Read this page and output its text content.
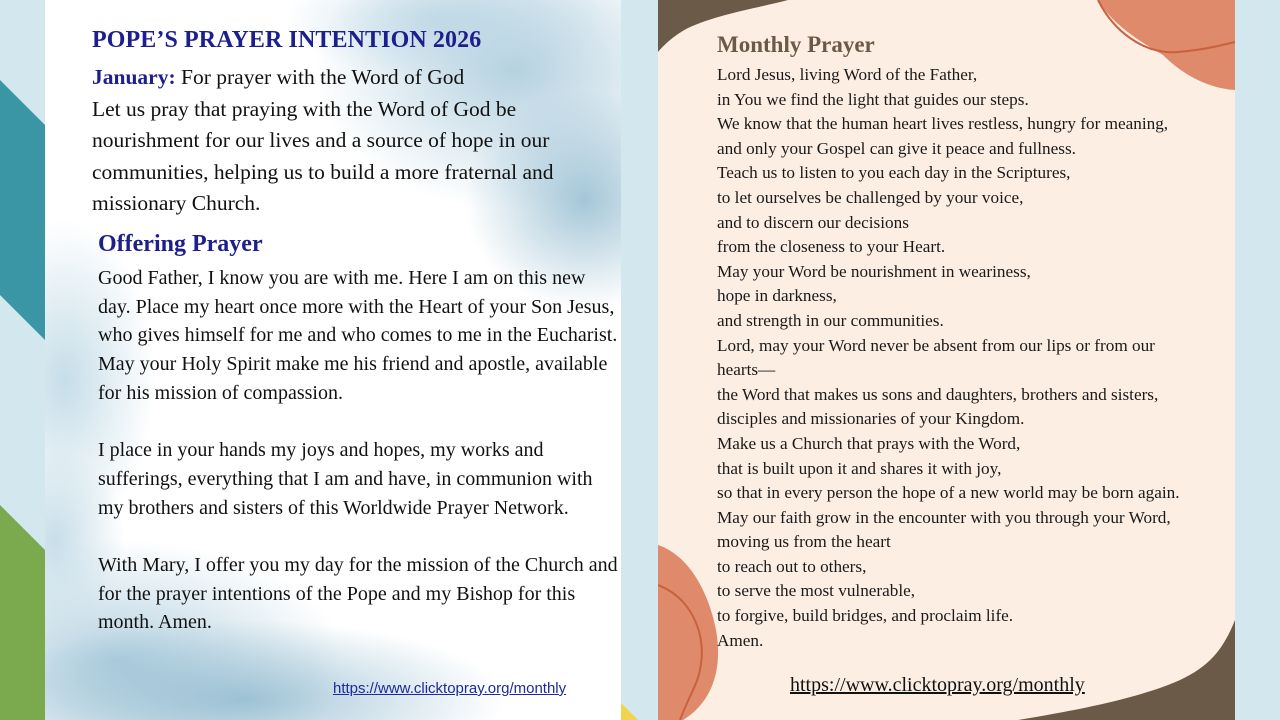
POPE’S PRAYER INTENTION 2026
January: For prayer with the Word of God
Let us pray that praying with the Word of God be nourishment for our lives and a source of hope in our communities, helping us to build a more fraternal and missionary Church.
Offering Prayer

Good Father, I know you are with me. Here I am on this new day. Place my heart once more with the Heart of your Son Jesus, who gives himself for me and who comes to me in the Eucharist. May your Holy Spirit make me his friend and apostle, available for his mission of compassion.

I place in your hands my joys and hopes, my works and sufferings, everything that I am and have, in communion with my brothers and sisters of this Worldwide Prayer Network.

With Mary, I offer you my day for the mission of the Church and for the prayer intentions of the Pope and my Bishop for this month. Amen.

https://www.clicktopray.org/monthly
Monthly Prayer
Lord Jesus, living Word of the Father,
in You we find the light that guides our steps.
We know that the human heart lives restless, hungry for meaning,
and only your Gospel can give it peace and fullness.
Teach us to listen to you each day in the Scriptures,
to let ourselves be challenged by your voice,
and to discern our decisions
from the closeness to your Heart.
May your Word be nourishment in weariness,
hope in darkness,
and strength in our communities.
Lord, may your Word never be absent from our lips or from our
hearts—
the Word that makes us sons and daughters, brothers and sisters,
disciples and missionaries of your Kingdom.
Make us a Church that prays with the Word,
that is built upon it and shares it with joy,
so that in every person the hope of a new world may be born again.
May our faith grow in the encounter with you through your Word,
moving us from the heart
to reach out to others,
to serve the most vulnerable,
to forgive, build bridges, and proclaim life.
Amen.
https://www.clicktopray.org/monthly
